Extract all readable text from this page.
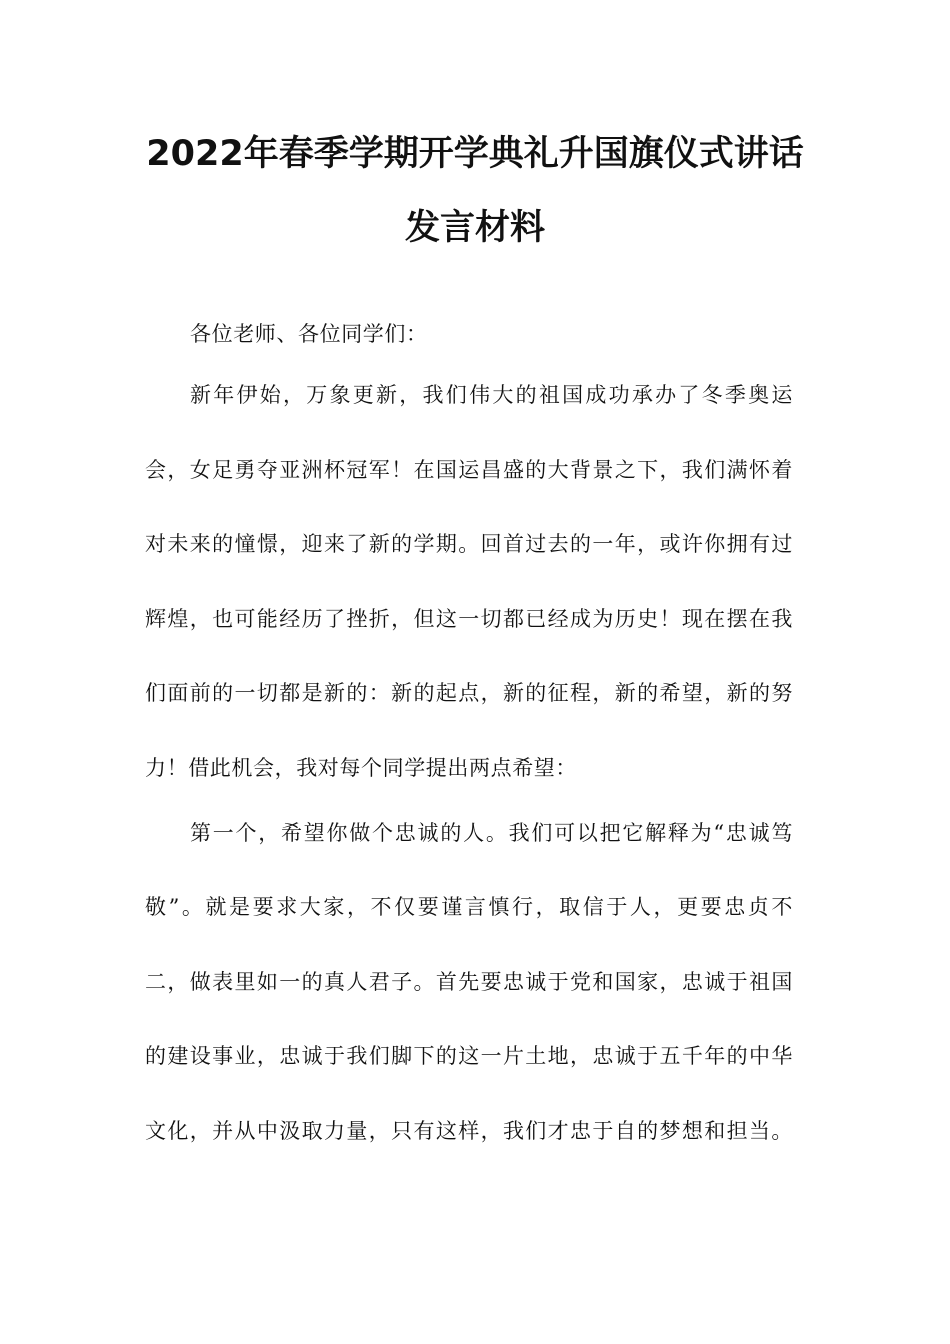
2022年春季学期开学典礼升国旗仪式讲话
发言材料
各位老师、各位同学们：
新年伊始，万象更新，我们伟大的祖国成功承办了冬季奥运
会，女足勇夺亚洲杯冠军！在国运昌盛的大背景之下，我们满怀着
对未来的憧憬，迎来了新的学期。回首过去的一年，或许你拥有过
辉煌，也可能经历了挫折，但这一切都已经成为历史！现在摆在我
们面前的一切都是新的：新的起点，新的征程，新的希望，新的努
力！借此机会，我对每个同学提出两点希望：
第一个，希望你做个忠诚的人。我们可以把它解释为“忠诚笃
敬”。就是要求大家，不仅要谨言慎行，取信于人，更要忠贞不
二，做表里如一的真人君子。首先要忠诚于党和国家，忠诚于祖国
的建设事业，忠诚于我们脚下的这一片土地，忠诚于五千年的中华
文化，并从中汲取力量，只有这样，我们才忠于自的梦想和担当。
